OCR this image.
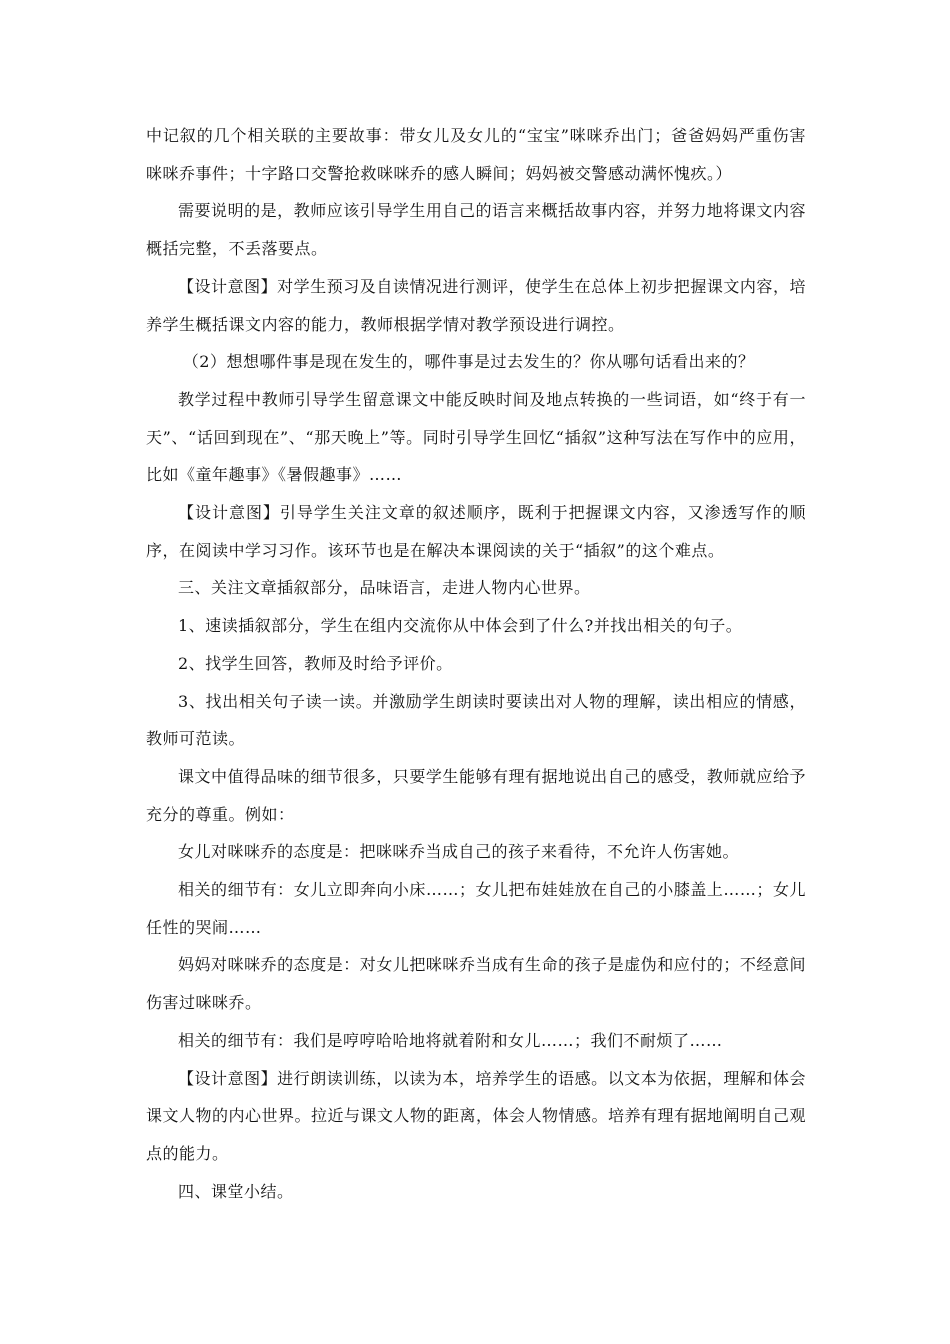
中记叙的几个相关联的主要故事：带女儿及女儿的“宝宝”咪咪乔出门；爸爸妈妈严重伤害咪咪乔事件；十字路口交警抢救咪咪乔的感人瞬间；妈妈被交警感动满怀愧疚。）

需要说明的是，教师应该引导学生用自己的语言来概括故事内容，并努力地将课文内容概括完整，不丢落要点。

【设计意图】对学生预习及自读情况进行测评，使学生在总体上初步把握课文内容，培养学生概括课文内容的能力，教师根据学情对教学预设进行调控。

（2）想想哪件事是现在发生的，哪件事是过去发生的？你从哪句话看出来的？

教学过程中教师引导学生留意课文中能反映时间及地点转换的一些词语，如“终于有一天”、“话回到现在”、“那天晚上”等。同时引导学生回忆“插叙”这种写法在写作中的应用，比如《童年趣事》《暑假趣事》……

【设计意图】引导学生关注文章的叙述顺序，既利于把握课文内容，又渗透写作的顺序，在阅读中学习习作。该环节也是在解决本课阅读的关于“插叙”的这个难点。

三、关注文章插叙部分，品味语言，走进人物内心世界。

1、速读插叙部分，学生在组内交流你从中体会到了什么?并找出相关的句子。

2、找学生回答，教师及时给予评价。

3、找出相关句子读一读。并激励学生朗读时要读出对人物的理解，读出相应的情感，教师可范读。

课文中值得品味的细节很多，只要学生能够有理有据地说出自己的感受，教师就应给予充分的尊重。例如：

女儿对咪咪乔的态度是：把咪咪乔当成自己的孩子来看待，不允许人伤害她。

相关的细节有：女儿立即奔向小床……；女儿把布娃娃放在自己的小膝盖上……；女儿任性的哭闹……

妈妈对咪咪乔的态度是：对女儿把咪咪乔当成有生命的孩子是虚伪和应付的；不经意间伤害过咪咪乔。

相关的细节有：我们是哼哼哈哈地将就着附和女儿……；我们不耐烦了……

【设计意图】进行朗读训练，以读为本，培养学生的语感。以文本为依据，理解和体会课文人物的内心世界。拉近与课文人物的距离，体会人物情感。培养有理有据地阐明自己观点的能力。

四、课堂小结。
